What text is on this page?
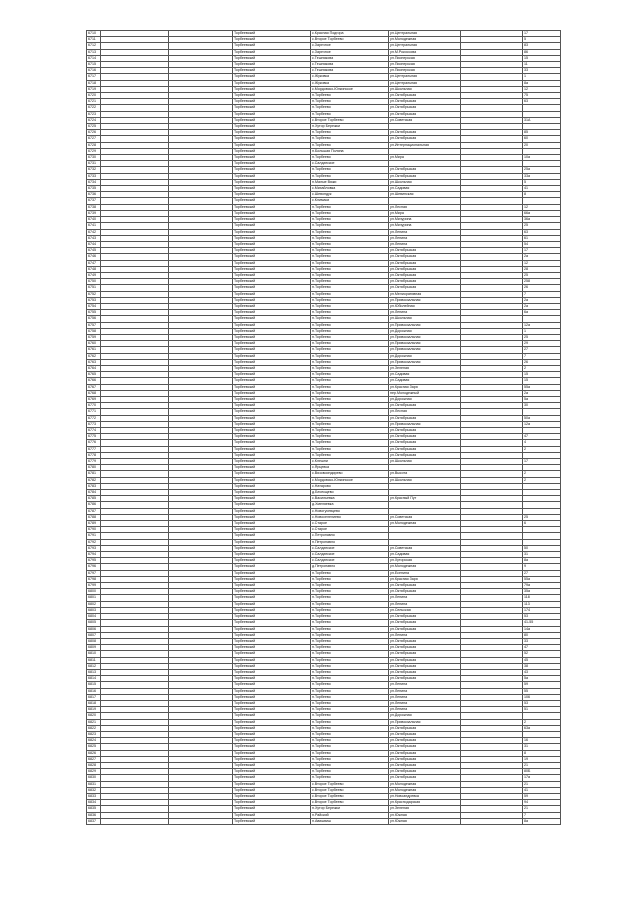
6710			Торбеевский	с.Красная Подгора	ул.Центральная		17
6711			Торбеевский	с.Второе Торбеево	ул.Молодежная		5
6712			Торбеевский	с.Заречное	ул.Центральная		83
6713			Торбеевский	с.Заречное	ул.М.Рокоссова		86
6714			Торбеевский	с.Тешнякова	ул.Пионерская		15
6715			Торбеевский	с.Тешнякова	ул.Пионерская		11
6716			Торбеевский	с.Тешнякова	ул.Пионерская		33
6717			Торбеевский	с.Жуковка	ул.Центральная		1
6718			Торбеевский	с.Жуковка	ул.Центральная		8а
6719			Торбеевский	с.Мордовско-Юнкинское	ул.Школьная		12
6720			Торбеевский	п.Торбеево	ул.Октябрьская		75
6721			Торбеевский	п.Торбеево	ул.Октябрьская		63
6722			Торбеевский	п.Торбеево	ул.Октябрьская		
6723			Торбеевский	п.Торбеево	ул.Октябрьская		
6724			Торбеевский	с.Второе Торбеево	ул.Советская		31А
6725			Торбеевский	п.Хутор Бережки			
6726			Торбеевский	п.Торбеево	ул.Октябрьская		85
6727			Торбеевский	п.Торбеево	ул.Октябрьская		60
6728			Торбеевский	п.Торбеево	ул.Интернациональная		20
6729			Торбеевский	п.Большая Поляна			
6730			Торбеевский	п.Торбеево	ул.Мира		10а
6731			Торбеевский	с.Салдатское			
6732			Торбеевский	п.Торбеево	ул.Октябрьская		25а
6733			Торбеевский	п.Торбеево	ул.Октябрьская		33а
6734			Торбеевский	п.Малые Вяжи	ул.Школьная		5
6735			Торбеевский	с.Михайловка	ул.Садовая		41
6736			Торбеевский	с.Шевондук	ул.Шевинская		8
6737			Торбеевский	с.Климаси			
6738			Торбеевский	п.Торбеево	ул.Лесная		12
6739			Торбеевский	п.Торбеево	ул.Мира		66а
6740			Торбеевский	п.Торбеево	ул.Мичурина		36а
6741			Торбеевский	п.Торбеево	ул.Мичурина		25
6742			Торбеевский	п.Торбеево	ул.Ленина		63
6743			Торбеевский	п.Торбеево	ул.Ленина		61
6744			Торбеевский	п.Торбеево	ул.Ленина		54
6745			Торбеевский	п.Торбеево	ул.Октябрьская		17
6746			Торбеевский	п.Торбеево	ул.Октябрьская		2а
6747			Торбеевский	п.Торбеево	ул.Октябрьская		12
6748			Торбеевский	п.Торбеево	ул.Октябрьская		28
6749			Торбеевский	п.Торбеево	ул.Октябрьская		25
6750			Торбеевский	п.Торбеево	ул.Октябрьская		258
6751			Торбеевский	п.Торбеево	ул.Октябрьская		26
6752			Торбеевский	п.Торбеево	ул.Мелиоративная		7
6753			Торбеевский	п.Торбеево	ул.Привокзальная		2а
6754			Торбеевский	п.Торбеево	ул.Юбилейная		2а
6755			Торбеевский	п.Торбеево	ул.Ленина		6а
6756			Торбеевский	п.Торбеево	ул.Школьная		
6757			Торбеевский	п.Торбеево	ул.Привокзальная		12а
6758			Торбеевский	п.Торбеево	ул.Дорожная		1
6759			Торбеевский	п.Торбеево	ул.Привокзальная		25
6760			Торбеевский	п.Торбеево	ул.Привокзальная		29
6761			Торбеевский	п.Торбеево	ул.Привокзальная		27
6762			Торбеевский	п.Торбеево	ул.Дорожная		7
6763			Торбеевский	п.Торбеево	ул.Привокзальная		26
6764			Торбеевский	п.Торбеево	ул.Зеленая		2
6765			Торбеевский	п.Торбеево	ул.Садовая		15
6766			Торбеевский	п.Торбеево	ул.Садовая		15
6767			Торбеевский	п.Торбеево	ул.Красная Заря		55а
6768			Торбеевский	п.Торбеево	пер.Молодежный		2а
6769			Торбеевский	п.Торбеево	ул.Дорожная		5а
6770			Торбеевский	п.Торбеево	ул.Октябрьская		30
6771			Торбеевский	п.Торбеево	ул.Лесная		
6772			Торбеевский	п.Торбеево	ул.Октябрьская		50а
6773			Торбеевский	п.Торбеево	ул.Привокзальная		12а
6774			Торбеевский	п.Торбеево	ул.Октябрьская		
6775			Торбеевский	п.Торбеево	ул.Октябрьская		47
6776			Торбеевский	п.Торбеево	ул.Октябрьская		4
6777			Торбеевский	п.Торбеево	ул.Октябрьская		2
6778			Торбеевский	п.Торбеево	ул.Октябрьская		
6779			Торбеевский	с.Клешни	ул.Школьная		17
6780			Торбеевский	с.Ярцевка			
6781			Торбеевский	с.Вязовоиндирево	ул.Высота		2
6782			Торбеевский	с.Мордовско-Юнкинское	ул.Школьная		2
6783			Торбеевский	с.Натарово			
6784			Торбеевский	д.Бесекщево			
6785			Торбеевский	с.Васильевка	ул.Красный Пут		
6786			Торбеевский	д.Хмеляевка			
6787			Торбеевский	с.Новогусевцево			
6788			Торбеевский	с.Новоселелиево	ул.Советская		25
6789			Торбеевский	с.Старое	ул.Молодежная		6
6790			Торбеевский	с.Старое			
6791			Торбеевский	с.Петропавло			
6792			Торбеевский	п.Петропавло			
6793			Торбеевский	с.Салдатское	ул.Советская		50
6794			Торбеевский	с.Салдатское	ул.Садовая		31
6795			Торбеевский	с.Салдатское	ул.Хуторская		8а
6796			Торбеевский	д.Петропавло	ул.Молодежная		9
6797			Торбеевский	п.Торбеево	ул.Есенина		27
6798			Торбеевский	п.Торбеево	ул.Красная Заря		55а
6799			Торбеевский	п.Торбеево	ул.Октябрьская		79а
6800			Торбеевский	п.Торбеево	ул.Октябрьская		35а
6801			Торбеевский	п.Торбеево	ул.Ленина		118
6802			Торбеевский	п.Торбеево	ул.Ленина		113
6803			Торбеевский	п.Торбеево	ул.Сельская		174
6804			Торбеевский	п.Торбеево	ул.Октябрьская		53
6805			Торбеевский	п.Торбеево	ул.Октябрьская		41-55
6806			Торбеевский	п.Торбеево	ул.Октябрьская		14а
6807			Торбеевский	п.Торбеево	ул.Ленина		80
6808			Торбеевский	п.Торбеево	ул.Октябрьская		33
6809			Торбеевский	п.Торбеево	ул.Октябрьская		47
6810			Торбеевский	п.Торбеево	ул.Октябрьская		52
6811			Торбеевский	п.Торбеево	ул.Октябрьская		45
6812			Торбеевский	п.Торбеево	ул.Октябрьская		38
6813			Торбеевский	п.Торбеево	ул.Октябрьская		43
6814			Торбеевский	п.Торбеево	ул.Октябрьская		5а
6815			Торбеевский	п.Торбеево	ул.Ленина		59
6816			Торбеевский	п.Торбеево	ул.Ленина		55
6817			Торбеевский	п.Торбеево	ул.Ленина		106
6818			Торбеевский	п.Торбеево	ул.Ленина		53
6819			Торбеевский	п.Торбеево	ул.Ленина		51
6820			Торбеевский	п.Торбеево	ул.Дорожная		
6821			Торбеевский	п.Торбеево	ул.Привокзальная		2
6822			Торбеевский	п.Торбеево	ул.Октябрьская		63а
6823			Торбеевский	п.Торбеево	ул.Октябрьская		
6824			Торбеевский	п.Торбеево	ул.Октябрьская		16
6825			Торбеевский	п.Торбеево	ул.Октябрьская		31
6826			Торбеевский	п.Торбеево	ул.Октябрьская		8
6827			Торбеевский	п.Торбеево	ул.Октябрьская		19
6828			Торбеевский	п.Торбеево	ул.Октябрьская		21
6829			Торбеевский	п.Торбеево	ул.Октябрьская		80Б
6830			Торбеевский	п.Торбеево	ул.Октябрьская		17а
6831			Торбеевский	с.Второе Торбеево	ул.Молодежная		21
6832			Торбеевский	с.Второе Торбеево	ул.Молодежная		41
6833			Торбеевский	с.Второе Торбеево	ул.Новоандревка		59
6834			Торбеевский	с.Второе Торбеево	ул.Краснодарская		94
6835			Торбеевский	п.Хутор Бережки	ул.Зеленая		21
6836			Торбеевский	п.Райский	ул.Южная		7
6837			Торбеевский	п.Авишвиш	ул.Южная		8а
